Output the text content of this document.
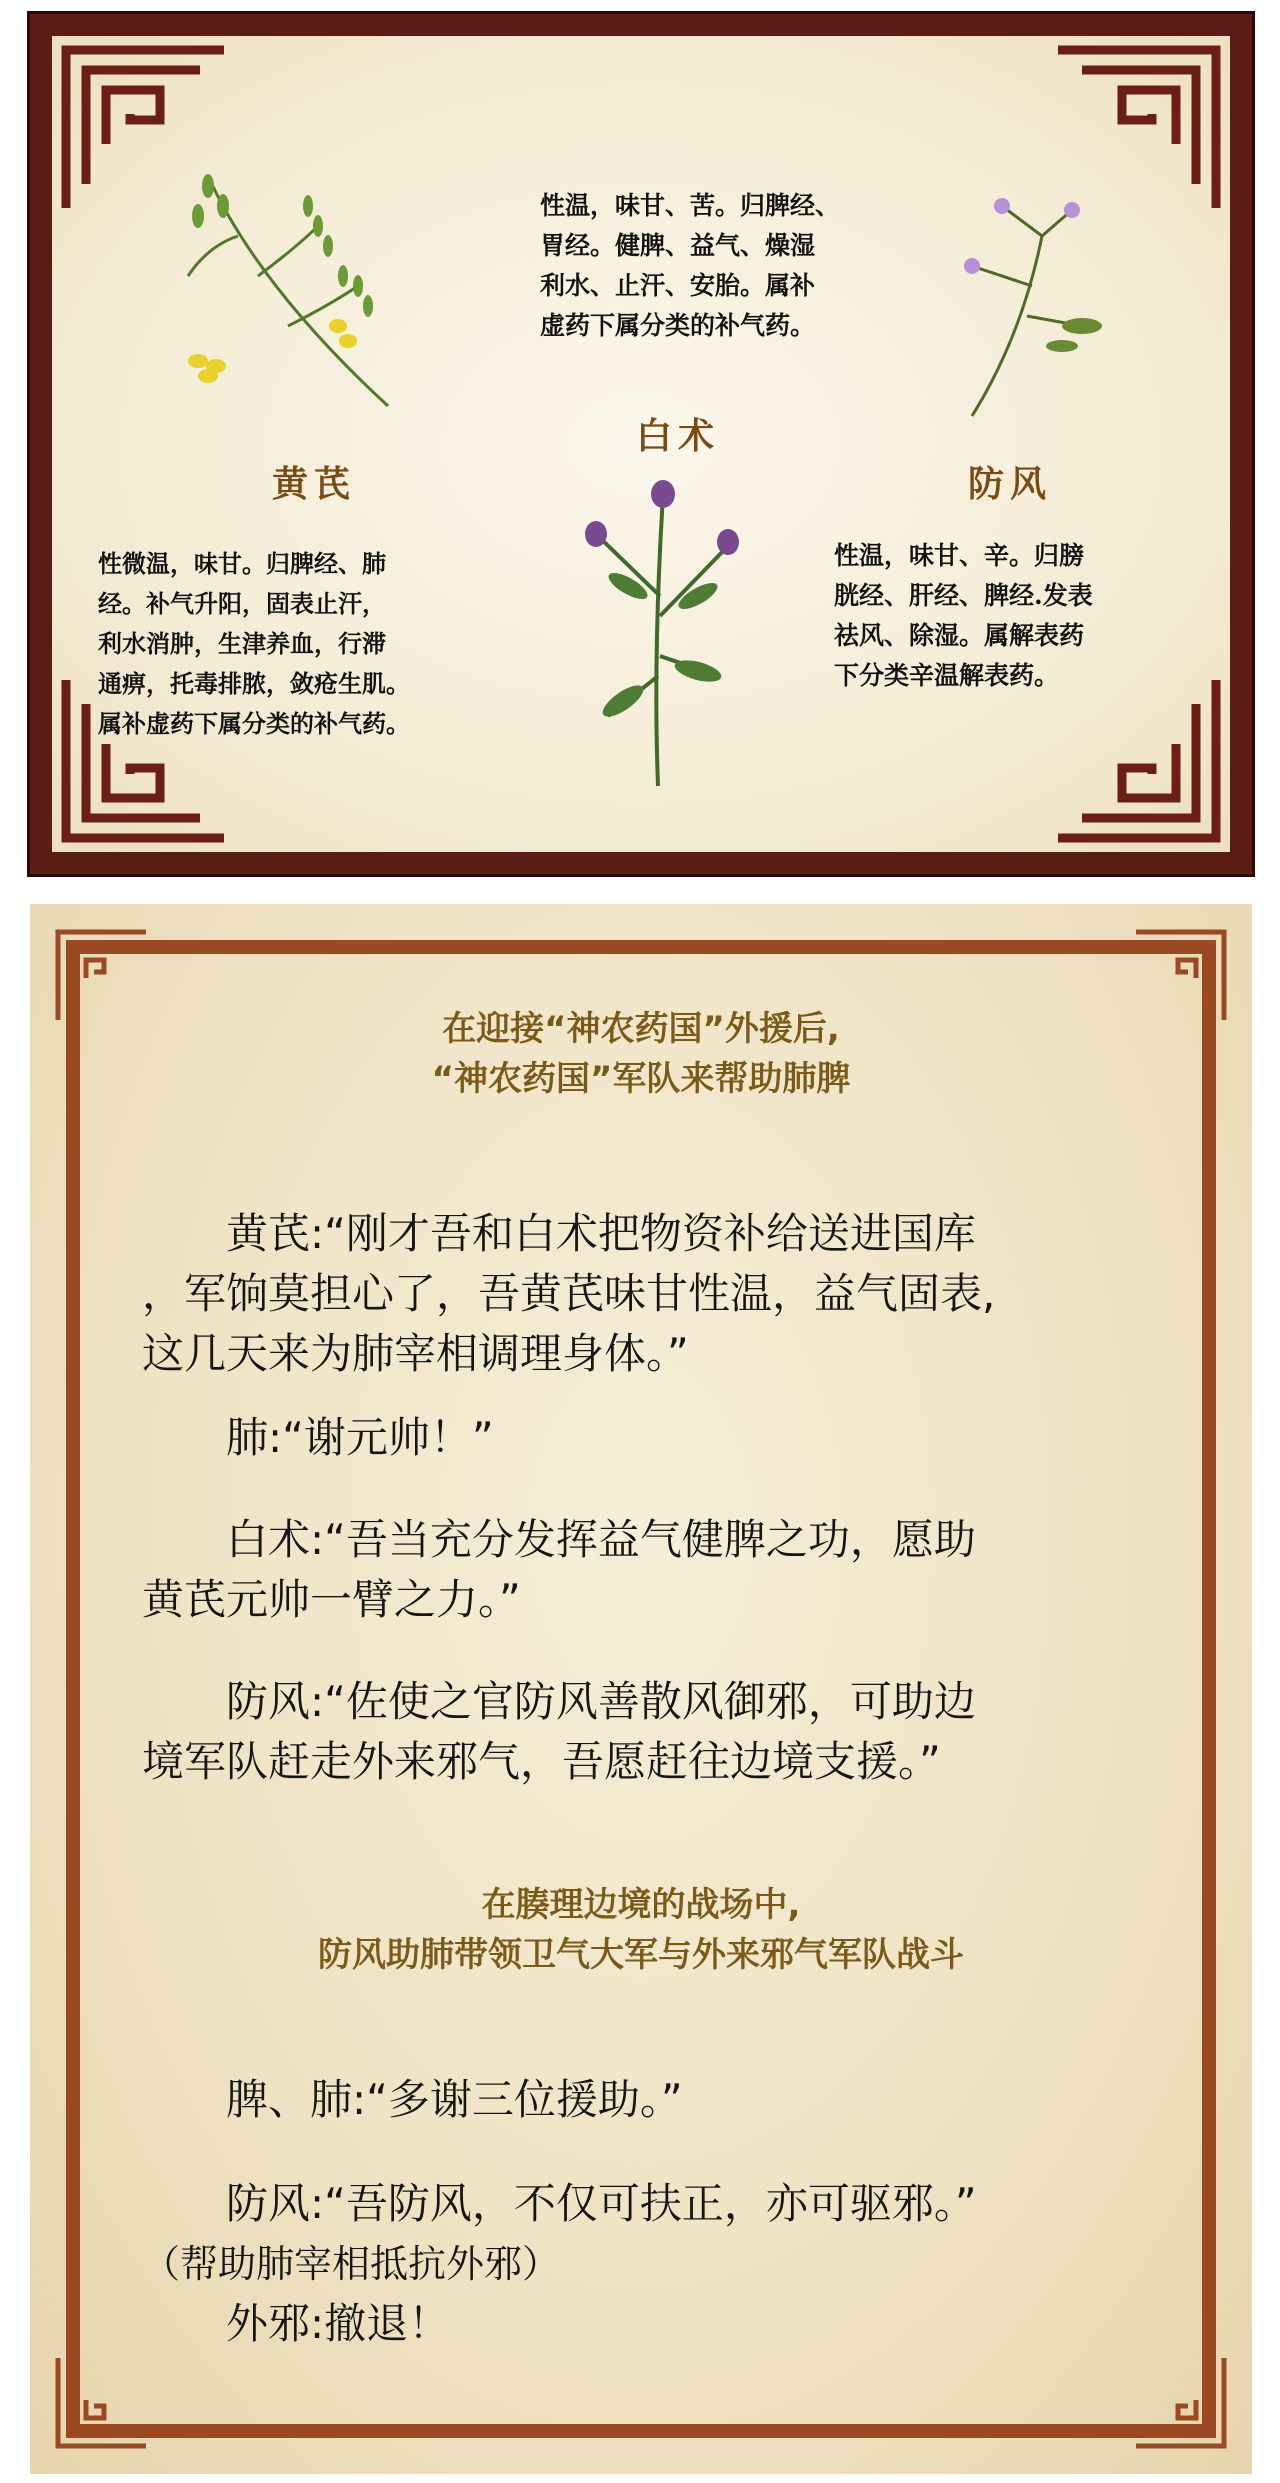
性温，味甘、苦。归脾经、
胃经。健脾、益气、燥湿
利水、止汗、安胎。属补
虚药下属分类的补气药。
黄芪
白术
防风
性微温，味甘。归脾经、肺
经。补气升阳，固表止汗，
利水消肿，生津养血，行滞
通痹，托毒排脓，敛疮生肌。
属补虚药下属分类的补气药。
性温，味甘、辛。归膀
胱经、肝经、脾经.发表
祛风、除湿。属解表药
下分类辛温解表药。
在迎接“神农药国”外援后,
“神农药国”军队来帮助肺脾

　　黄芪:“刚才吾和白术把物资补给送进国库

，军饷莫担心了，吾黄芪味甘性温，益气固表,

这几天来为肺宰相调理身体。”

　　肺:“谢元帅！”

　　白术:“吾当充分发挥益气健脾之功，愿助

黄芪元帅一臂之力。”

　　防风:“佐使之官防风善散风御邪，可助边

境军队赶走外来邪气，吾愿赶往边境支援。”

在腠理边境的战场中,
防风助肺带领卫气大军与外来邪气军队战斗

　　脾、肺:“多谢三位援助。”

　　防风:“吾防风，不仅可扶正，亦可驱邪。”

（帮助肺宰相抵抗外邪）

　　外邪:撤退！
